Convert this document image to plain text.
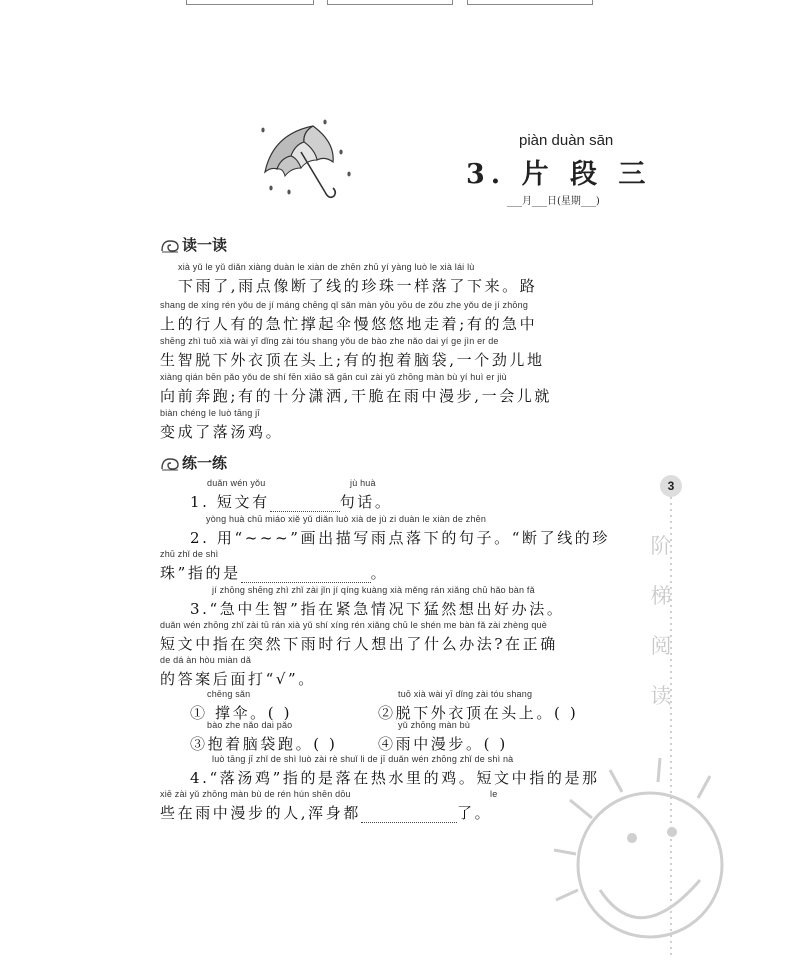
piàn duàn sān
3. 片 段 三
___月___日(星期___)
读一读
xià yǔ le yǔ diǎn xiàng duàn le xiàn de zhēn zhū yí yàng luò le xià lái lù
下雨了,雨点像断了线的珍珠一样落了下来。路
shang de xíng rén yǒu de jí máng chēng qǐ sǎn màn yōu yōu de zǒu zhe yǒu de jí zhōng
上的行人有的急忙撑起伞慢悠悠地走着;有的急中
shēng zhì tuō xià wài yī dǐng zài tóu shang yǒu de bào zhe nǎo dai yí ge jìn er de
生智脱下外衣顶在头上;有的抱着脑袋,一个劲儿地
xiàng qián bēn pǎo yǒu de shí fēn xiāo sǎ gān cuì zài yǔ zhōng màn bù yí huì er jiù
向前奔跑;有的十分潇洒,干脆在雨中漫步,一会儿就
biàn chéng le luò tāng jī
变成了落汤鸡。
练一练
duǎn wén yǒu	jù huà
1. 短文有	句话。
yòng huà chū miáo xiě yǔ diǎn luò xià de jù zi duàn le xiàn de zhēn
2. 用“~~~”画出描写雨点落下的句子。“断了线的珍
zhū zhǐ de shì
珠”指的是	。
jí zhōng shēng zhì zhǐ zài jǐn jí qíng kuàng xià měng rán xiǎng chū hǎo bàn fǎ
3.“急中生智”指在紧急情况下猛然想出好办法。
duǎn wén zhōng zhǐ zài tū rán xià yǔ shí xíng rén xiǎng chū le shén me bàn fǎ zài zhèng què
短文中指在突然下雨时行人想出了什么办法?在正确
de dá àn hòu miàn dǎ
的答案后面打“√”。
chēng sǎn
① 撑伞。( )
tuō xià wài yī dǐng zài tóu shang
②脱下外衣顶在头上。( )
bào zhe nǎo dai pǎo
③抱着脑袋跑。( )
yǔ zhōng màn bù
④雨中漫步。( )
luò tāng jī zhǐ de shì luò zài rè shuǐ li de jī duǎn wén zhōng zhǐ de shì nà
4.“落汤鸡”指的是落在热水里的鸡。短文中指的是那
xiē zài yǔ zhōng màn bù de rén hún shēn dōu	le
些在雨中漫步的人,浑身都	了。
3
阶
梯
阅
读
